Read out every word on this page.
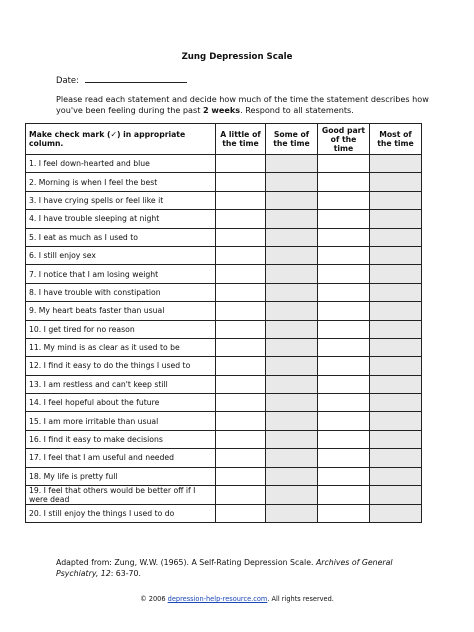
Zung Depression Scale
Date:
Please read each statement and decide how much of the time the statement describes how you've been feeling during the past 2 weeks. Respond to all statements.
Make check mark (✓) in appropriate column.	A little of the time	Some of the time	Good part of the time	Most of the time
1. I feel down-hearted and blue				
2. Morning is when I feel the best				
3. I have crying spells or feel like it				
4. I have trouble sleeping at night				
5. I eat as much as I used to				
6. I still enjoy sex				
7. I notice that I am losing weight				
8. I have trouble with constipation				
9. My heart beats faster than usual				
10. I get tired for no reason				
11. My mind is as clear as it used to be				
12. I find it easy to do the things I used to				
13. I am restless and can't keep still				
14. I feel hopeful about the future				
15. I am more irritable than usual				
16. I find it easy to make decisions				
17. I feel that I am useful and needed				
18. My life is pretty full				
19. I feel that others would be better off if I were dead				
20. I still enjoy the things I used to do				
Adapted from: Zung, W.W. (1965). A Self-Rating Depression Scale. Archives of General Psychiatry, 12: 63-70.
© 2006 depression-help-resource.com. All rights reserved.
